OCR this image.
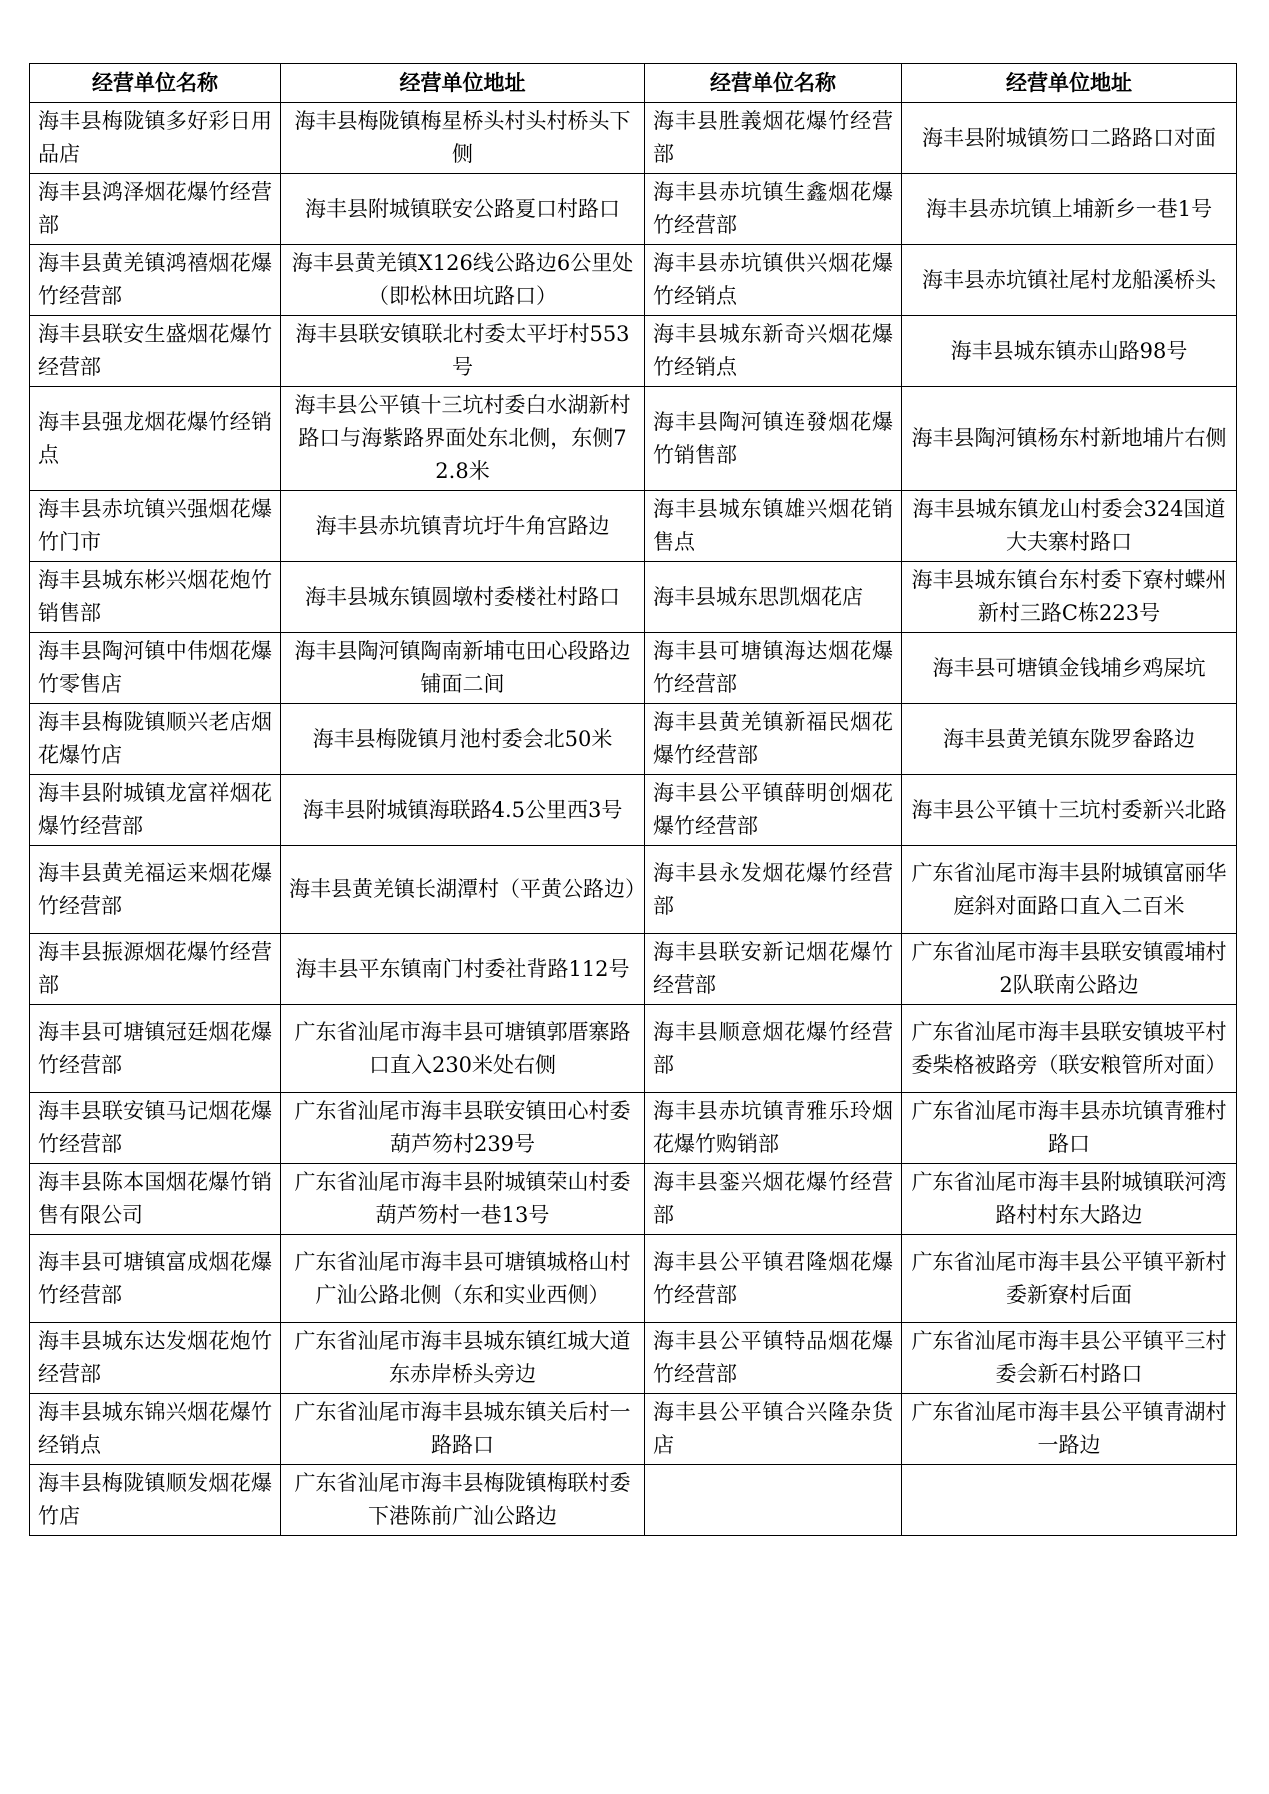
经营单位名称	经营单位地址	经营单位名称	经营单位地址
海丰县梅陇镇多好彩日用品店	海丰县梅陇镇梅星桥头村头村桥头下侧	海丰县胜義烟花爆竹经营部	海丰县附城镇笏口二路路口对面
海丰县鸿泽烟花爆竹经营部	海丰县附城镇联安公路夏口村路口	海丰县赤坑镇生鑫烟花爆竹经营部	海丰县赤坑镇上埔新乡一巷1号
海丰县黄羌镇鸿禧烟花爆竹经营部	海丰县黄羌镇X126线公路边6公里处（即松林田坑路口）	海丰县赤坑镇供兴烟花爆竹经销点	海丰县赤坑镇社尾村龙船溪桥头
海丰县联安生盛烟花爆竹经营部	海丰县联安镇联北村委太平圩村553号	海丰县城东新奇兴烟花爆竹经销点	海丰县城东镇赤山路98号
海丰县强龙烟花爆竹经销点	海丰县公平镇十三坑村委白水湖新村路口与海紫路界面处东北侧，东侧72.8米	海丰县陶河镇连發烟花爆竹销售部	海丰县陶河镇杨东村新地埔片右侧
海丰县赤坑镇兴强烟花爆竹门市	海丰县赤坑镇青坑圩牛角宫路边	海丰县城东镇雄兴烟花销售点	海丰县城东镇龙山村委会324国道大夫寨村路口
海丰县城东彬兴烟花炮竹销售部	海丰县城东镇圆墩村委楼社村路口	海丰县城东思凯烟花店	海丰县城东镇台东村委下寮村蝶州新村三路C栋223号
海丰县陶河镇中伟烟花爆竹零售店	海丰县陶河镇陶南新埔屯田心段路边铺面二间	海丰县可塘镇海达烟花爆竹经营部	海丰县可塘镇金钱埔乡鸡屎坑
海丰县梅陇镇顺兴老店烟花爆竹店	海丰县梅陇镇月池村委会北50米	海丰县黄羌镇新福民烟花爆竹经营部	海丰县黄羌镇东陇罗畚路边
海丰县附城镇龙富祥烟花爆竹经营部	海丰县附城镇海联路4.5公里西3号	海丰县公平镇薛明创烟花爆竹经营部	海丰县公平镇十三坑村委新兴北路
海丰县黄羌福运来烟花爆竹经营部	海丰县黄羌镇长湖潭村（平黄公路边）	海丰县永发烟花爆竹经营部	广东省汕尾市海丰县附城镇富丽华庭斜对面路口直入二百米
海丰县振源烟花爆竹经营部	海丰县平东镇南门村委社背路112号	海丰县联安新记烟花爆竹经营部	广东省汕尾市海丰县联安镇霞埔村2队联南公路边
海丰县可塘镇冠廷烟花爆竹经营部	广东省汕尾市海丰县可塘镇郭厝寨路口直入230米处右侧	海丰县顺意烟花爆竹经营部	广东省汕尾市海丰县联安镇坡平村委柴格被路旁（联安粮管所对面）
海丰县联安镇马记烟花爆竹经营部	广东省汕尾市海丰县联安镇田心村委葫芦笏村239号	海丰县赤坑镇青雅乐玲烟花爆竹购销部	广东省汕尾市海丰县赤坑镇青雅村路口
海丰县陈本国烟花爆竹销售有限公司	广东省汕尾市海丰县附城镇荣山村委葫芦笏村一巷13号	海丰县銮兴烟花爆竹经营部	广东省汕尾市海丰县附城镇联河湾路村村东大路边
海丰县可塘镇富成烟花爆竹经营部	广东省汕尾市海丰县可塘镇城格山村广汕公路北侧（东和实业西侧）	海丰县公平镇君隆烟花爆竹经营部	广东省汕尾市海丰县公平镇平新村委新寮村后面
海丰县城东达发烟花炮竹经营部	广东省汕尾市海丰县城东镇红城大道东赤岸桥头旁边	海丰县公平镇特品烟花爆竹经营部	广东省汕尾市海丰县公平镇平三村委会新石村路口
海丰县城东锦兴烟花爆竹经销点	广东省汕尾市海丰县城东镇关后村一路路口	海丰县公平镇合兴隆杂货店	广东省汕尾市海丰县公平镇青湖村一路边
海丰县梅陇镇顺发烟花爆竹店	广东省汕尾市海丰县梅陇镇梅联村委下港陈前广汕公路边		
